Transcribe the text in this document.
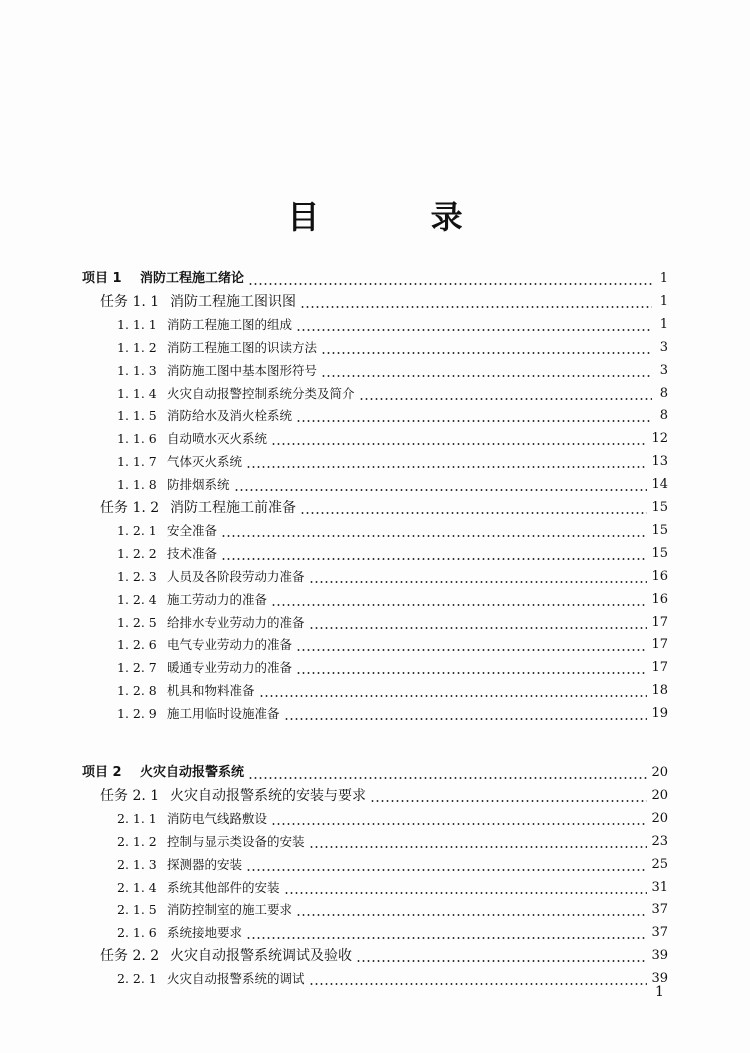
目 录
项目 1	消防工程施工绪论	1
任务 1. 1 消防工程施工图识图	1
1. 1. 1 消防工程施工图的组成	1
1. 1. 2 消防工程施工图的识读方法	3
1. 1. 3 消防施工图中基本图形符号	3
1. 1. 4 火灾自动报警控制系统分类及简介	8
1. 1. 5 消防给水及消火栓系统	8
1. 1. 6 自动喷水灭火系统	12
1. 1. 7 气体灭火系统	13
1. 1. 8 防排烟系统	14
任务 1. 2 消防工程施工前准备	15
1. 2. 1 安全准备	15
1. 2. 2 技术准备	15
1. 2. 3 人员及各阶段劳动力准备	16
1. 2. 4 施工劳动力的准备	16
1. 2. 5 给排水专业劳动力的准备	17
1. 2. 6 电气专业劳动力的准备	17
1. 2. 7 暖通专业劳动力的准备	17
1. 2. 8 机具和物料准备	18
1. 2. 9 施工用临时设施准备	19
项目 2	火灾自动报警系统	20
任务 2. 1 火灾自动报警系统的安装与要求	20
2. 1. 1 消防电气线路敷设	20
2. 1. 2 控制与显示类设备的安装	23
2. 1. 3 探测器的安装	25
2. 1. 4 系统其他部件的安装	31
2. 1. 5 消防控制室的施工要求	37
2. 1. 6 系统接地要求	37
任务 2. 2 火灾自动报警系统调试及验收	39
2. 2. 1 火灾自动报警系统的调试	39
1
